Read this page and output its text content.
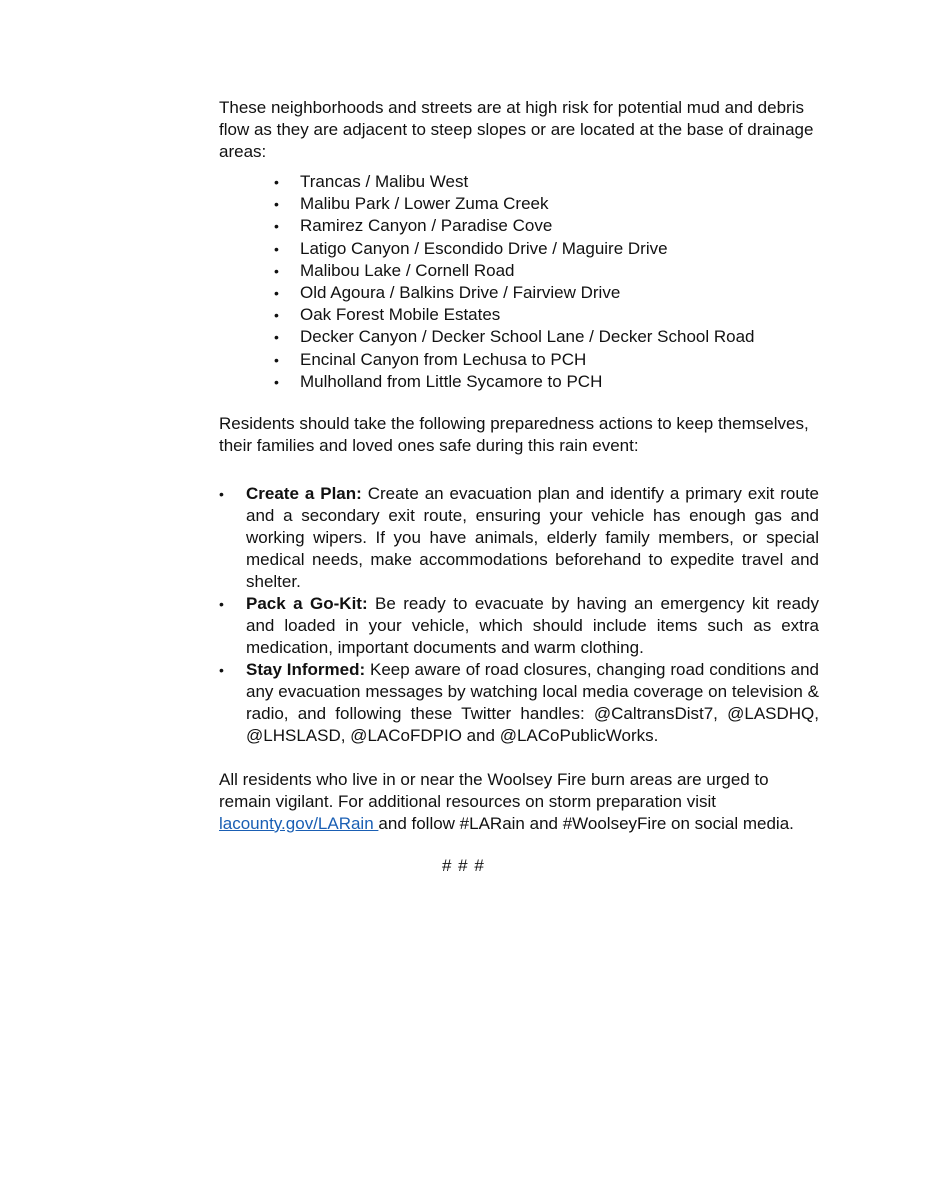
These neighborhoods and streets are at high risk for potential mud and debris flow as they are adjacent to steep slopes or are located at the base of drainage areas:

• Trancas / Malibu West
• Malibu Park / Lower Zuma Creek
• Ramirez Canyon / Paradise Cove
• Latigo Canyon / Escondido Drive / Maguire Drive
• Malibou Lake / Cornell Road
• Old Agoura / Balkins Drive / Fairview Drive
• Oak Forest Mobile Estates
• Decker Canyon / Decker School Lane / Decker School Road
• Encinal Canyon from Lechusa to PCH
• Mulholland from Little Sycamore to PCH

Residents should take the following preparedness actions to keep themselves, their families and loved ones safe during this rain event:

• Create a Plan: Create an evacuation plan and identify a primary exit route and a secondary exit route, ensuring your vehicle has enough gas and working wipers. If you have animals, elderly family members, or special medical needs, make accommodations beforehand to expedite travel and shelter.
• Pack a Go-Kit: Be ready to evacuate by having an emergency kit ready and loaded in your vehicle, which should include items such as extra medication, important documents and warm clothing.
• Stay Informed: Keep aware of road closures, changing road conditions and any evacuation messages by watching local media coverage on television & radio, and following these Twitter handles: @CaltransDist7, @LASDHQ, @LHSLASD, @LACoFDPIO and @LACoPublicWorks.

All residents who live in or near the Woolsey Fire burn areas are urged to remain vigilant. For additional resources on storm preparation visit lacounty.gov/LARain and follow #LARain and #WoolseyFire on social media.

# # #
